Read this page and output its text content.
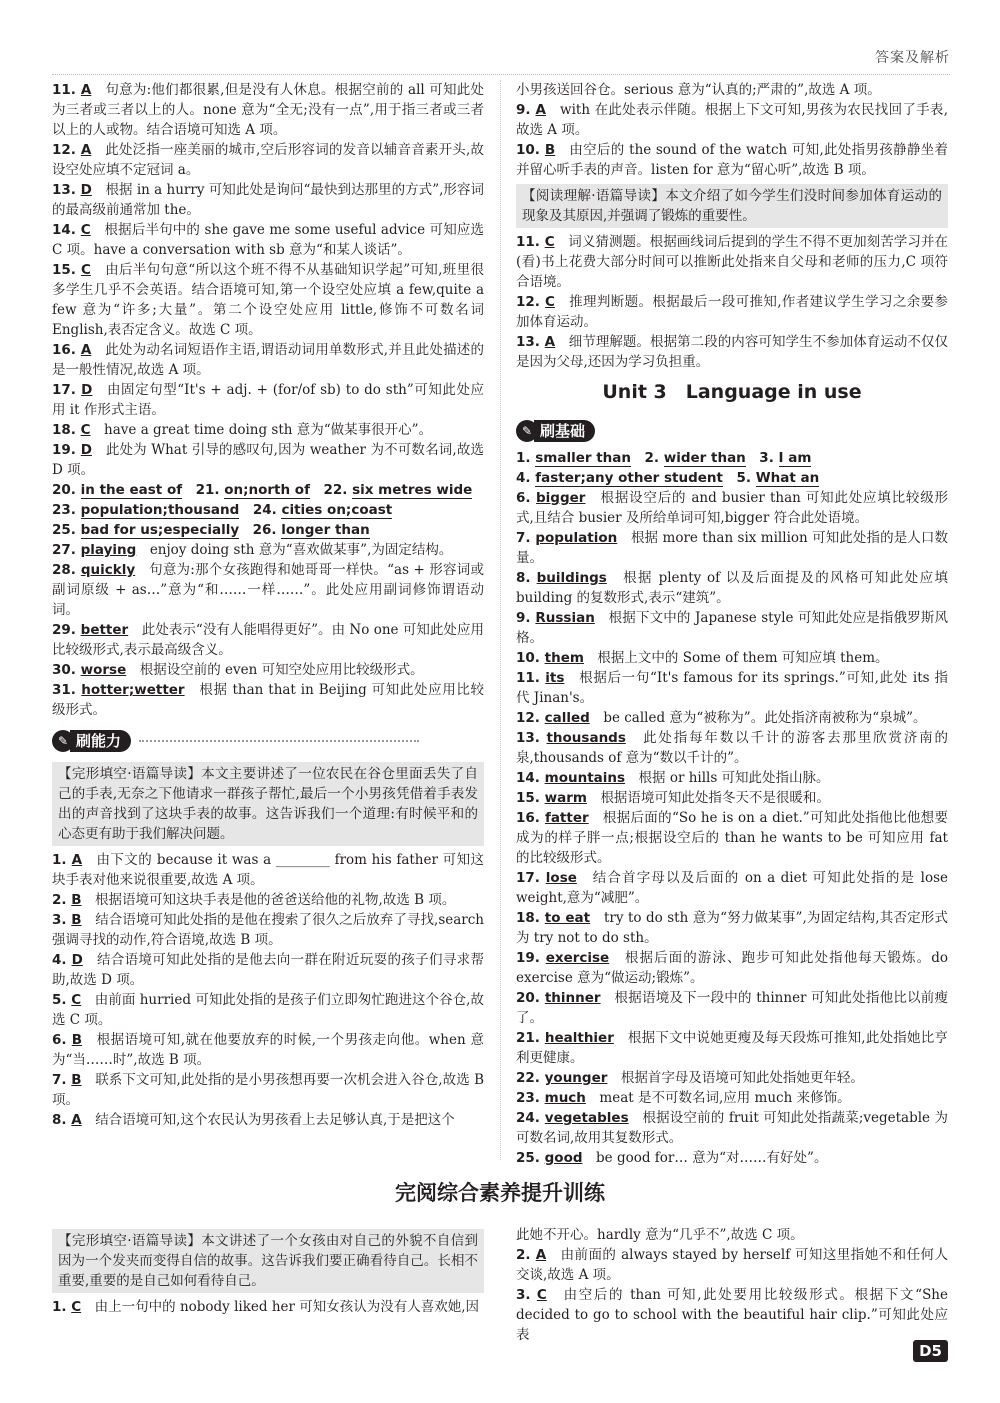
答案及解析

11. A　 句意为:他们都很累,但是没有人休息。根据空前的 all 可知此处为三者或三者以上的人。none 意为“全无;没有一点”,用于指三者或三者以上的人或物。结合语境可知选 A 项。

12. A　 此处泛指一座美丽的城市,空后形容词的发音以辅音音素开头,故设空处应填不定冠词 a。

13. D　 根据 in a hurry 可知此处是询问“最快到达那里的方式”,形容词的最高级前通常加 the。

14. C　 根据后半句中的 she gave me some useful advice 可知应选 C 项。have a conversation with sb 意为“和某人谈话”。

15. C　 由后半句句意“所以这个班不得不从基础知识学起”可知,班里很多学生几乎不会英语。结合语境可知,第一个设空处应填 a few,quite a few 意为“许多;大量”。第二个设空处应用 little,修饰不可数名词 English,表否定含义。故选 C 项。

16. A　 此处为动名词短语作主语,谓语动词用单数形式,并且此处描述的是一般性情况,故选 A 项。

17. D　 由固定句型“It's + adj. + (for/of sb) to do sth”可知此处应用 it 作形式主语。

18. C　 have a great time doing sth 意为“做某事很开心”。

19. D　 此处为 What 引导的感叹句,因为 weather 为不可数名词,故选 D 项。

20. in the east of　 21. on;north of　 22. six metres wide

23. population;thousand　 24. cities on;coast

25. bad for us;especially　 26. longer than

27. playing　 enjoy doing sth 意为“喜欢做某事”,为固定结构。

28. quickly　 句意为:那个女孩跑得和她哥哥一样快。“as + 形容词或副词原级 + as…”意为“和……一样……”。此处应用副词修饰谓语动词。

29. better　 此处表示“没有人能唱得更好”。由 No one 可知此处应用比较级形式,表示最高级含义。

30. worse　 根据设空前的 even 可知空处应用比较级形式。

31. hotter;wetter　 根据 than that in Beijing 可知此处应用比较级形式。

✎ 刷能力
【完形填空·语篇导读】本文主要讲述了一位农民在谷仓里面丢失了自己的手表,无奈之下他请求一群孩子帮忙,最后一个小男孩凭借着手表发出的声音找到了这块手表的故事。这告诉我们一个道理:有时候平和的心态更有助于我们解决问题。

1. A　 由下文的 because it was a ________ from his father 可知这块手表对他来说很重要,故选 A 项。

2. B　 根据语境可知这块手表是他的爸爸送给他的礼物,故选 B 项。

3. B　 结合语境可知此处指的是他在搜索了很久之后放弃了寻找,search 强调寻找的动作,符合语境,故选 B 项。

4. D　 结合语境可知此处指的是他去向一群在附近玩耍的孩子们寻求帮助,故选 D 项。

5. C　 由前面 hurried 可知此处指的是孩子们立即匆忙跑进这个谷仓,故选 C 项。

6. B　 根据语境可知,就在他要放弃的时候,一个男孩走向他。when 意为“当……时”,故选 B 项。

7. B　 联系下文可知,此处指的是小男孩想再要一次机会进入谷仓,故选 B 项。

8. A　 结合语境可知,这个农民认为男孩看上去足够认真,于是把这个

小男孩送回谷仓。serious 意为“认真的;严肃的”,故选 A 项。

9. A　 with 在此处表示伴随。根据上下文可知,男孩为农民找回了手表,故选 A 项。

10. B　 由空后的 the sound of the watch 可知,此处指男孩静静坐着并留心听手表的声音。listen for 意为“留心听”,故选 B 项。

【阅读理解·语篇导读】本文介绍了如今学生们没时间参加体育运动的现象及其原因,并强调了锻炼的重要性。

11. C　 词义猜测题。根据画线词后提到的学生不得不更加刻苦学习并在(看)书上花费大部分时间可以推断此处指来自父母和老师的压力,C 项符合语境。

12. C　 推理判断题。根据最后一段可推知,作者建议学生学习之余要参加体育运动。

13. A　 细节理解题。根据第二段的内容可知学生不参加体育运动不仅仅是因为父母,还因为学习负担重。

Unit 3　Language in use
✎ 刷基础

1. smaller than　 2. wider than　 3. I am

4. faster;any other student　 5. What an

6. bigger　 根据设空后的 and busier than 可知此处应填比较级形式,且结合 busier 及所给单词可知,bigger 符合此处语境。

7. population　 根据 more than six million 可知此处指的是人口数量。

8. buildings　 根据 plenty of 以及后面提及的风格可知此处应填 building 的复数形式,表示“建筑”。

9. Russian　 根据下文中的 Japanese style 可知此处应是指俄罗斯风格。

10. them　 根据上文中的 Some of them 可知应填 them。

11. its　 根据后一句“It's famous for its springs.”可知,此处 its 指代 Jinan's。

12. called　 be called 意为“被称为”。此处指济南被称为“泉城”。

13. thousands　 此处指每年数以千计的游客去那里欣赏济南的泉,thousands of 意为“数以千计的”。

14. mountains　 根据 or hills 可知此处指山脉。

15. warm　 根据语境可知此处指冬天不是很暖和。

16. fatter　 根据后面的“So he is on a diet.”可知此处指他比他想要成为的样子胖一点;根据设空后的 than he wants to be 可知应用 fat 的比较级形式。

17. lose　 结合首字母以及后面的 on a diet 可知此处指的是 lose weight,意为“减肥”。

18. to eat　 try to do sth 意为“努力做某事”,为固定结构,其否定形式为 try not to do sth。

19. exercise　 根据后面的游泳、跑步可知此处指他每天锻炼。do exercise 意为“做运动;锻炼”。

20. thinner　 根据语境及下一段中的 thinner 可知此处指他比以前瘦了。

21. healthier　 根据下文中说她更瘦及每天段炼可推知,此处指她比亨利更健康。

22. younger　 根据首字母及语境可知此处指她更年轻。

23. much　 meat 是不可数名词,应用 much 来修饰。

24. vegetables　 根据设空前的 fruit 可知此处指蔬菜;vegetable 为可数名词,故用其复数形式。

25. good　 be good for… 意为“对……有好处”。

完阅综合素养提升训练
【完形填空·语篇导读】本文讲述了一个女孩由对自己的外貌不自信到因为一个发夹而变得自信的故事。这告诉我们要正确看待自己。长相不重要,重要的是自己如何看待自己。

1. C　 由上一句中的 nobody liked her 可知女孩认为没有人喜欢她,因

此她不开心。hardly 意为“几乎不”,故选 C 项。

2. A　 由前面的 always stayed by herself 可知这里指她不和任何人交谈,故选 A 项。

3. C　 由空后的 than 可知,此处要用比较级形式。根据下文“She decided to go to school with the beautiful hair clip.”可知此处应表

D5
